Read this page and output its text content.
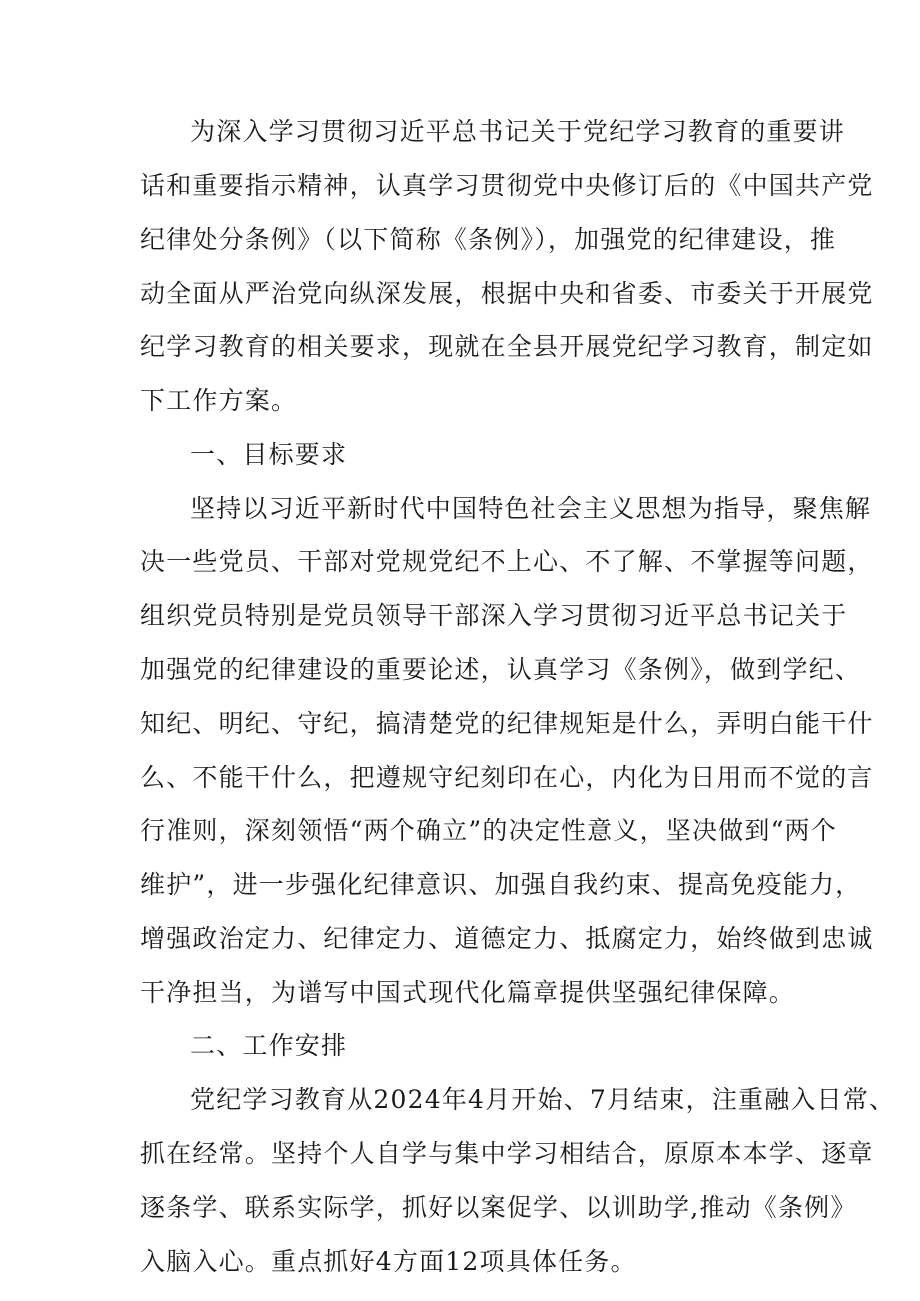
为深入学习贯彻习近平总书记关于党纪学习教育的重要讲
话和重要指示精神，认真学习贯彻党中央修订后的《中国共产党
纪律处分条例》（以下简称《条例》），加强党的纪律建设，推
动全面从严治党向纵深发展，根据中央和省委、市委关于开展党
纪学习教育的相关要求，现就在全县开展党纪学习教育，制定如
下工作方案。
一、目标要求
坚持以习近平新时代中国特色社会主义思想为指导，聚焦解
决一些党员、干部对党规党纪不上心、不了解、不掌握等问题，
组织党员特别是党员领导干部深入学习贯彻习近平总书记关于
加强党的纪律建设的重要论述，认真学习《条例》，做到学纪、
知纪、明纪、守纪，搞清楚党的纪律规矩是什么，弄明白能干什
么、不能干什么，把遵规守纪刻印在心，内化为日用而不觉的言
行准则，深刻领悟“两个确立”的决定性意义，坚决做到“两个
维护”，进一步强化纪律意识、加强自我约束、提高免疫能力，
增强政治定力、纪律定力、道德定力、抵腐定力，始终做到忠诚
干净担当，为谱写中国式现代化篇章提供坚强纪律保障。
二、工作安排
党纪学习教育从2024年4月开始、7月结束，注重融入日常、
抓在经常。坚持个人自学与集中学习相结合，原原本本学、逐章
逐条学、联系实际学，抓好以案促学、以训助学,推动《条例》
入脑入心。重点抓好4方面12项具体任务。
